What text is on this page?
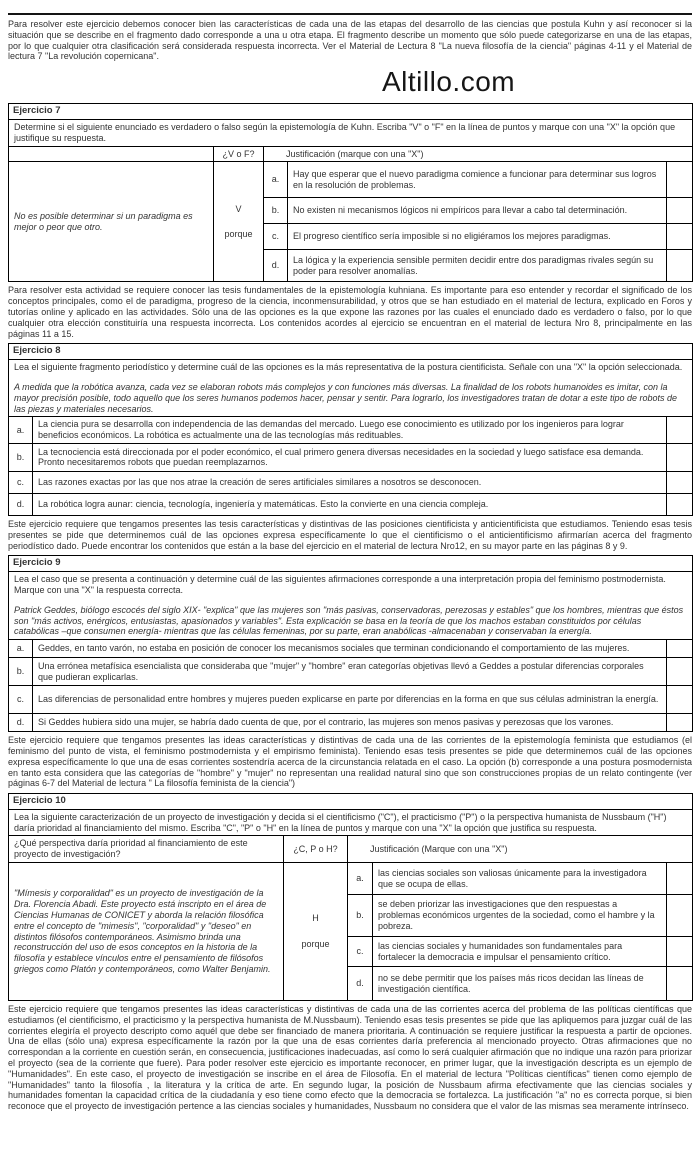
Para resolver este ejercicio debemos conocer bien las características de cada una de las etapas del desarrollo de las ciencias que postula Kuhn y así reconocer si la situación que se describe en el fragmento dado corresponde a una u otra etapa. El fragmento describe un momento que sólo puede categorizarse en una de las etapas, por lo que cualquier otra clasificación será considerada respuesta incorrecta. Ver el Material de Lectura 8 "La nueva filosofía de la ciencia" páginas 4-11 y el Material de lectura 7 "La revolución copernicana".

Altillo.com
Ejercicio 7				
Determine si el siguiente enunciado es verdadero o falso según la epistemología de Kuhn. Escriba "V" o "F" en la línea de puntos y marque con una "X" la opción que justifique su respuesta.				
	¿V o F?	Justificación (marque con una "X")		
No es posible determinar si un paradigma es mejor o peor que otro.	V
porque	a.	Hay que esperar que el nuevo paradigma comience a funcionar para determinar sus logros en la resolución de problemas.	
		b.	No existen ni mecanismos lógicos ni empíricos para llevar a cabo tal determinación.	
		c.	El progreso científico sería imposible si no eligiéramos los mejores paradigmas.	
		d.	La lógica y la experiencia sensible permiten decidir entre dos paradigmas rivales según su poder para resolver anomalías.	

Para resolver esta actividad se requiere conocer las tesis fundamentales de la epistemología kuhniana. Es importante para eso entender y recordar el significado de los conceptos principales, como el de paradigma, progreso de la ciencia, inconmensurabilidad, y otros que se han estudiado en el material de lectura, explicado en Foros y tutorías online y aplicado en las actividades. Sólo una de las opciones es la que expone las razones por las cuales el enunciado dado es verdadero o falso, por lo que cualquier otra elección constituiría una respuesta incorrecta. Los contenidos acordes al ejercicio se encuentran en el material de lectura Nro 8, principalmente en las páginas 11 a 15.

Ejercicio 8		

Lea el siguiente fragmento periodístico y determine cuál de las opciones es la más representativa de la postura cientificista. Señale con una "X" la opción seleccionada.
A medida que la robótica avanza, cada vez se elaboran robots más complejos y con funciones más diversas. La finalidad de los robots humanoides es imitar, con la mayor precisión posible, todo aquello que los seres humanos podemos hacer, pensar y sentir. Para lograrlo, los investigadores tratan de dotar a este tipo de robots de las piezas y materiales necesarios.		

a.	La ciencia pura se desarrolla con independencia de las demandas del mercado. Luego ese conocimiento es utilizado por los ingenieros para lograr beneficios económicos. La robótica es actualmente una de las tecnologías más redituables.	
b.	La tecnociencia está direccionada por el poder económico, el cual primero genera diversas necesidades en la sociedad y luego satisface esa demanda. Pronto necesitaremos robots que puedan reemplazarnos.	
c.	Las razones exactas por las que nos atrae la creación de seres artificiales similares a nosotros se desconocen.	
d.	La robótica logra aunar: ciencia, tecnología, ingeniería y matemáticas. Esto la convierte en una ciencia compleja.	

Este ejercicio requiere que tengamos presentes las tesis características y distintivas de las posiciones cientificista y anticientificista que estudiamos. Teniendo esas tesis presentes se pide que determinemos cuál de las opciones expresa específicamente lo que el cientificismo o el anticientificismo afirmarían acerca del fragmento periodístico dado. Puede encontrar los contenidos que están a la base del ejercicio en el material de lectura Nro12, en su mayor parte en las páginas 8 y 9.

Ejercicio 9		

Lea el caso que se presenta a continuación y determine cuál de las siguientes afirmaciones corresponde a una interpretación propia del feminismo postmodernista. Marque con una "X" la respuesta correcta.
Patrick Geddes, biólogo escocés del siglo XIX- "explica" que las mujeres son "más pasivas, conservadoras, perezosas y estables" que los hombres, mientras que éstos son "más activos, enérgicos, entusiastas, apasionados y variables". Esta explicación se basa en la teoría de que los machos estaban constituidos por células catabólicas –que consumen energía- mientras que las células femeninas, por su parte, eran anabólicas -almacenaban y conservaban la energía.		

a.	Geddes, en tanto varón, no estaba en posición de conocer los mecanismos sociales que terminan condicionando el comportamiento de las mujeres.	
b.	Una errónea metafísica esencialista que consideraba que "mujer" y "hombre" eran categorías objetivas llevó a Geddes a postular diferencias corporales que pudieran explicarlas.	
c.	Las diferencias de personalidad entre hombres y mujeres pueden explicarse en parte por diferencias en la forma en que sus células administran la energía.	
d.	Si Geddes hubiera sido una mujer, se habría dado cuenta de que, por el contrario, las mujeres son menos pasivas y perezosas que los varones.	

Este ejercicio requiere que tengamos presentes las ideas características y distintivas de cada una de las corrientes de la epistemología feminista que estudiamos (el feminismo del punto de vista, el feminismo postmodernista y el empirismo feminista). Teniendo esas tesis presentes se pide que determinemos cuál de las opciones expresa específicamente lo que una de esas corrientes sostendría acerca de la circunstancia relatada en el caso. La opción (b) corresponde a una postura posmodernista en tanto esta considera que las categorías de "hombre" y "mujer" no representan una realidad natural sino que son construcciones propias de un relato contingente (ver páginas 6-7 del Material de lectura " La filosofía feminista de la ciencia")

Ejercicio 10				
Lea la siguiente caracterización de un proyecto de investigación y decida si el cientificismo ("C"), el practicismo ("P") o la perspectiva humanista de Nussbaum ("H") daría prioridad al financiamiento del mismo. Escriba "C", "P" o "H" en la línea de puntos y marque con una "X" la opción que justifica su respuesta.				
¿Qué perspectiva daría prioridad al financiamiento de este proyecto de investigación?	¿C, P o H?	Justificación (Marque con una "X")		
"Mímesis y corporalidad" es un proyecto de investigación de la Dra. Florencia Abadi. Este proyecto está inscripto en el área de Ciencias Humanas de CONICET y aborda la relación filosófica entre el concepto de "mimesis", "corporalidad" y "deseo" en distintos filósofos contemporáneos. Asimismo brinda una reconstrucción del uso de esos conceptos en la historia de la filosofía y establece vínculos entre el pensamiento de filósofos griegos como Platón y contemporáneos, como Walter Benjamin.	H
porque	a.	las ciencias sociales son valiosas únicamente para la investigadora que se ocupa de ellas.	
		b.	se deben priorizar las investigaciones que den respuestas a problemas económicos urgentes de la sociedad, como el hambre y la pobreza.	
		c.	las ciencias sociales y humanidades son fundamentales para fortalecer la democracia e impulsar el pensamiento crítico.	
		d.	no se debe permitir que los países más ricos decidan las líneas de investigación científica.	

Este ejercicio requiere que tengamos presentes las ideas características y distintivas de cada una de las corrientes acerca del problema de las políticas científicas que estudiamos (el cientificismo, el practicismo y la perspectiva humanista de M.Nussbaum). Teniendo esas tesis presentes se pide que las apliquemos para juzgar cuál de las corrientes elegiría el proyecto descripto como aquél que debe ser financiado de manera prioritaria. A continuación se requiere justificar la respuesta a partir de opciones. Una de ellas (sólo una) expresa específicamente la razón por la que una de esas corrientes daría preferencia al mencionado proyecto. Otras afirmaciones que no correspondan a la corriente en cuestión serán, en consecuencia, justificaciones inadecuadas, así como lo será cualquier afirmación que no indique una razón para priorizar el proyecto (sea de la corriente que fuere). Para poder resolver este ejercicio es importante reconocer, en primer lugar, que la investigación descripta es un ejemplo de "Humanidades". En este caso, el proyecto de investigación se inscribe en el área de Filosofía. En el material de lectura "Políticas científicas" tienen como ejemplo de "Humanidades" tanto la filosofía , la literatura y la crítica de arte. En segundo lugar, la posición de Nussbaum afirma efectivamente que las ciencias sociales y humanidades fomentan la capacidad crítica de la ciudadanía y eso tiene como efecto que la democracia se fortalezca. La justificación "a" no es correcta porque, si bien reconoce que el proyecto de investigación pertence a las ciencias sociales y humanidades, Nussbaum no considera que el valor de las mismas sea meramente intrínseco.
